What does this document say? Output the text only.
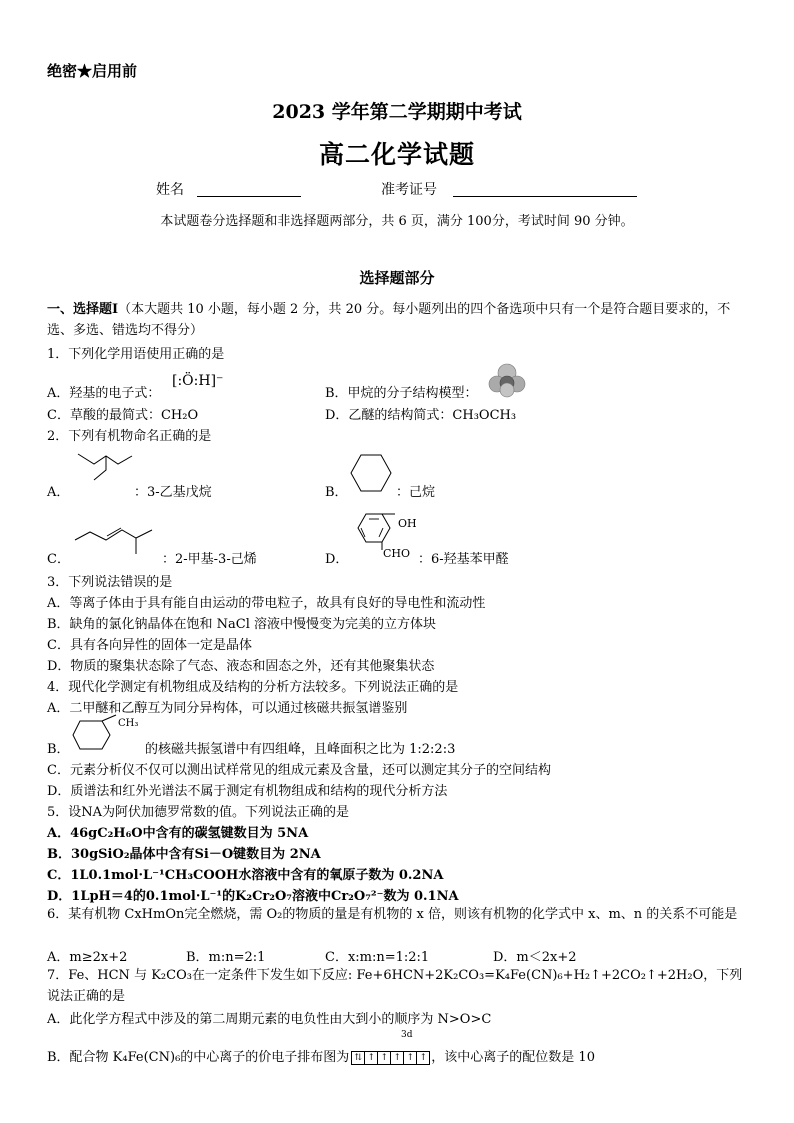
绝密★启用前
2023 学年第二学期期中考试
高二化学试题
姓名	准考证号
本试题卷分选择题和非选择题两部分，共 6 页，满分 100分，考试时间 90 分钟。
选择题部分
一、选择题Ⅰ（本大题共 10 小题，每小题 2 分，共 20 分。每小题列出的四个备选项中只有一个是符合题目要求的，不选、多选、错选均不得分）
1．下列化学用语使用正确的是
A．羟基的电子式：
[:Ö:H]⁻
B．甲烷的分子结构模型：
C．草酸的最简式：CH₂O	D．乙醚的结构简式：CH₃OCH₃
2．下列有机物命名正确的是
A．	：3-乙基戊烷	B．	：己烷
C．	：2-甲基-3-己烯	D．
OH
CHO ：6-羟基苯甲醛
3．下列说法错误的是
A．等离子体由于具有能自由运动的带电粒子，故具有良好的导电性和流动性
B．缺角的氯化钠晶体在饱和 NaCl 溶液中慢慢变为完美的立方体块
C．具有各向异性的固体一定是晶体
D．物质的聚集状态除了气态、液态和固态之外，还有其他聚集状态
4．现代化学测定有机物组成及结构的分析方法较多。下列说法正确的是
A．二甲醚和乙醇互为同分异构体，可以通过核磁共振氢谱鉴别
B．
CH₃
的核磁共振氢谱中有四组峰，且峰面积之比为 1:2:2:3
C．元素分析仪不仅可以测出试样常见的组成元素及含量，还可以测定其分子的空间结构
D．质谱法和红外光谱法不属于测定有机物组成和结构的现代分析方法
5．设NA为阿伏加德罗常数的值。下列说法正确的是
A．46gC₂H₆O中含有的碳氢键数目为 5NA
B．30gSiO₂晶体中含有Si－O键数目为 2NA
C．1L0.1mol·L⁻¹CH₃COOH水溶液中含有的氧原子数为 0.2NA
D．1LpH＝4的0.1mol·L⁻¹的K₂Cr₂O₇溶液中Cr₂O₇²⁻数为 0.1NA
6．某有机物 CxHmOn完全燃烧，需 O₂的物质的量是有机物的 x 倍，则该有机物的化学式中 x、m、n 的关系不可能是
A．m≥2x+2	B．m:n=2:1	C．x:m:n=1:2:1	D．m＜2x+2
7．Fe、HCN 与 K₂CO₃在一定条件下发生如下反应: Fe+6HCN+2K₂CO₃=K₄Fe(CN)₆+H₂↑+2CO₂↑+2H₂O，下列说法正确的是
A．此化学方程式中涉及的第二周期元素的电负性由大到小的顺序为 N>O>C
3d
B．配合物 K₄Fe(CN)₆的中心离子的价电子排布图为 ⇅ ↑ ↑ ↑ ↑ ↑ ，该中心离子的配位数是 10
